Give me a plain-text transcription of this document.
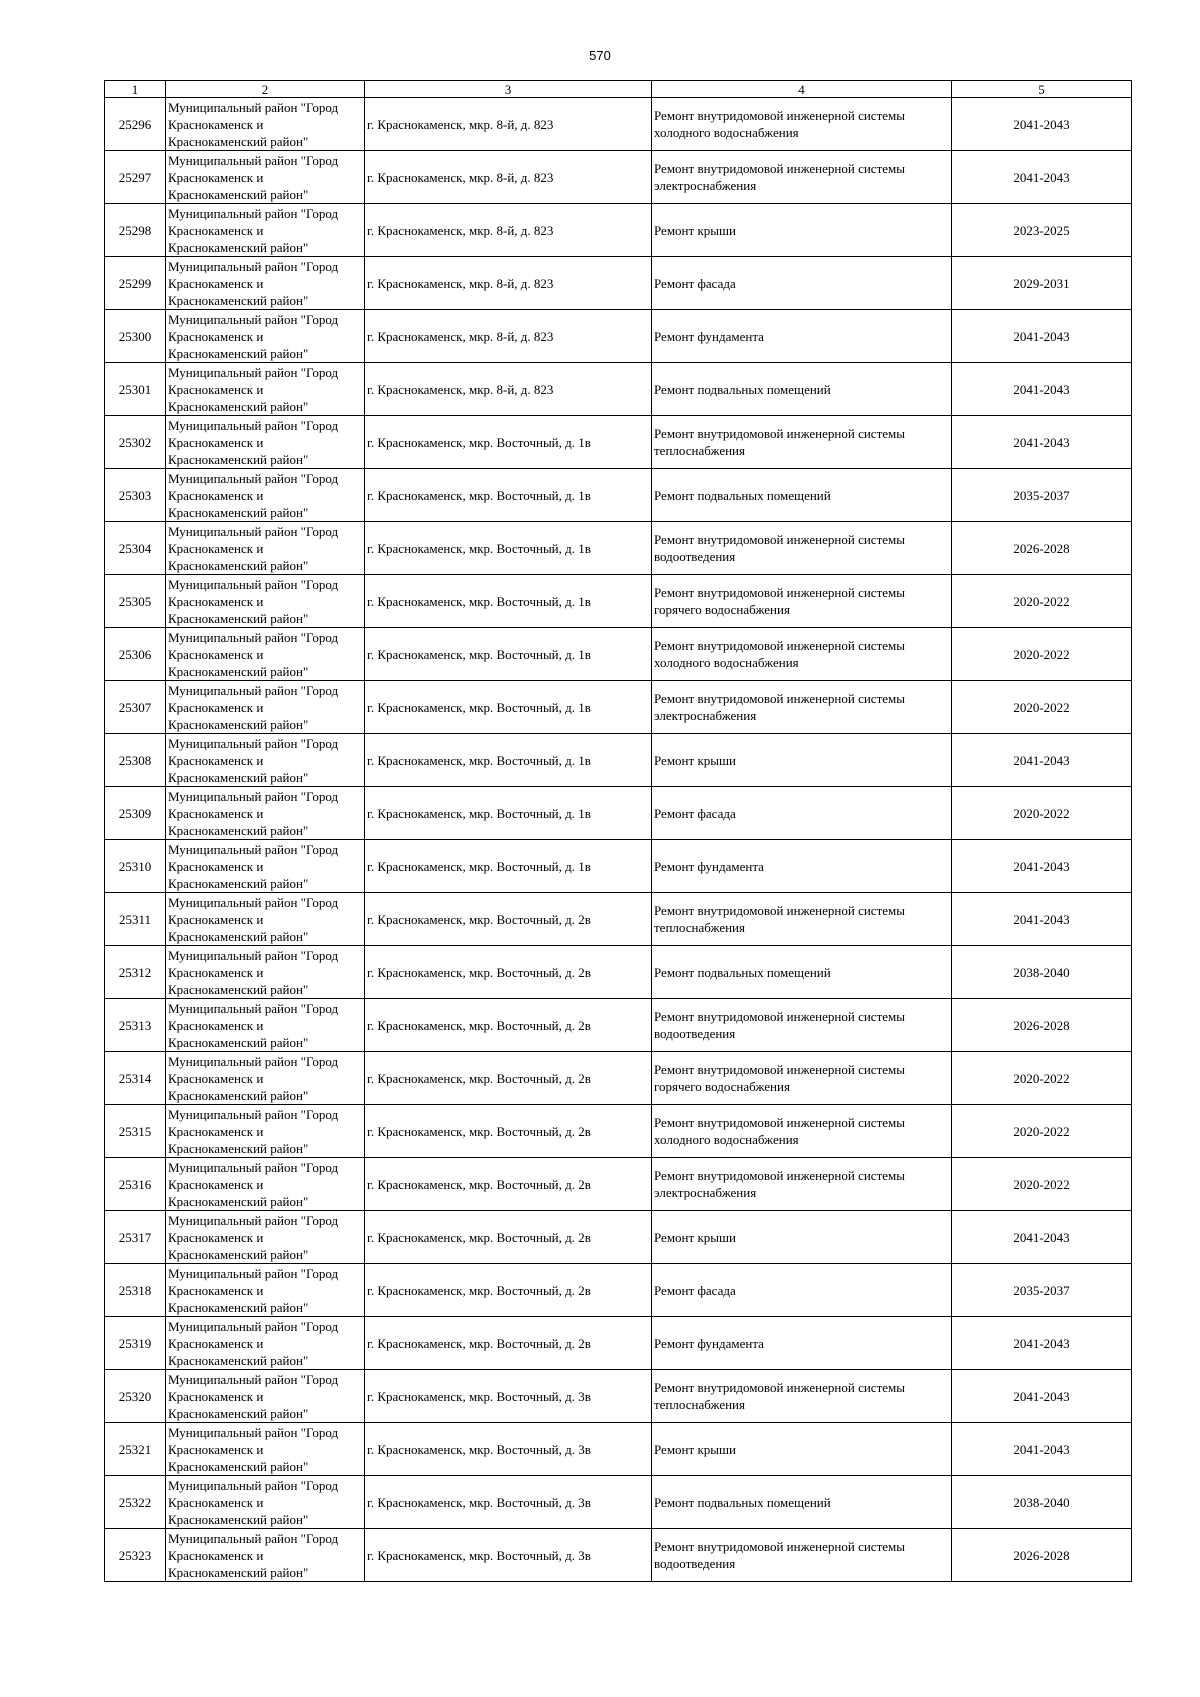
570
1	2	3	4	5
25296	Муниципальный район "Город Краснокаменск и Краснокаменский район"	г. Краснокаменск, мкр. 8-й, д. 823	Ремонт внутридомовой инженерной системы холодного водоснабжения	2041-2043
25297	Муниципальный район "Город Краснокаменск и Краснокаменский район"	г. Краснокаменск, мкр. 8-й, д. 823	Ремонт внутридомовой инженерной системы электроснабжения	2041-2043
25298	Муниципальный район "Город Краснокаменск и Краснокаменский район"	г. Краснокаменск, мкр. 8-й, д. 823	Ремонт крыши	2023-2025
25299	Муниципальный район "Город Краснокаменск и Краснокаменский район"	г. Краснокаменск, мкр. 8-й, д. 823	Ремонт фасада	2029-2031
25300	Муниципальный район "Город Краснокаменск и Краснокаменский район"	г. Краснокаменск, мкр. 8-й, д. 823	Ремонт фундамента	2041-2043
25301	Муниципальный район "Город Краснокаменск и Краснокаменский район"	г. Краснокаменск, мкр. 8-й, д. 823	Ремонт подвальных помещений	2041-2043
25302	Муниципальный район "Город Краснокаменск и Краснокаменский район"	г. Краснокаменск, мкр. Восточный, д. 1в	Ремонт внутридомовой инженерной системы теплоснабжения	2041-2043
25303	Муниципальный район "Город Краснокаменск и Краснокаменский район"	г. Краснокаменск, мкр. Восточный, д. 1в	Ремонт подвальных помещений	2035-2037
25304	Муниципальный район "Город Краснокаменск и Краснокаменский район"	г. Краснокаменск, мкр. Восточный, д. 1в	Ремонт внутридомовой инженерной системы водоотведения	2026-2028
25305	Муниципальный район "Город Краснокаменск и Краснокаменский район"	г. Краснокаменск, мкр. Восточный, д. 1в	Ремонт внутридомовой инженерной системы горячего водоснабжения	2020-2022
25306	Муниципальный район "Город Краснокаменск и Краснокаменский район"	г. Краснокаменск, мкр. Восточный, д. 1в	Ремонт внутридомовой инженерной системы холодного водоснабжения	2020-2022
25307	Муниципальный район "Город Краснокаменск и Краснокаменский район"	г. Краснокаменск, мкр. Восточный, д. 1в	Ремонт внутридомовой инженерной системы электроснабжения	2020-2022
25308	Муниципальный район "Город Краснокаменск и Краснокаменский район"	г. Краснокаменск, мкр. Восточный, д. 1в	Ремонт крыши	2041-2043
25309	Муниципальный район "Город Краснокаменск и Краснокаменский район"	г. Краснокаменск, мкр. Восточный, д. 1в	Ремонт фасада	2020-2022
25310	Муниципальный район "Город Краснокаменск и Краснокаменский район"	г. Краснокаменск, мкр. Восточный, д. 1в	Ремонт фундамента	2041-2043
25311	Муниципальный район "Город Краснокаменск и Краснокаменский район"	г. Краснокаменск, мкр. Восточный, д. 2в	Ремонт внутридомовой инженерной системы теплоснабжения	2041-2043
25312	Муниципальный район "Город Краснокаменск и Краснокаменский район"	г. Краснокаменск, мкр. Восточный, д. 2в	Ремонт подвальных помещений	2038-2040
25313	Муниципальный район "Город Краснокаменск и Краснокаменский район"	г. Краснокаменск, мкр. Восточный, д. 2в	Ремонт внутридомовой инженерной системы водоотведения	2026-2028
25314	Муниципальный район "Город Краснокаменск и Краснокаменский район"	г. Краснокаменск, мкр. Восточный, д. 2в	Ремонт внутридомовой инженерной системы горячего водоснабжения	2020-2022
25315	Муниципальный район "Город Краснокаменск и Краснокаменский район"	г. Краснокаменск, мкр. Восточный, д. 2в	Ремонт внутридомовой инженерной системы холодного водоснабжения	2020-2022
25316	Муниципальный район "Город Краснокаменск и Краснокаменский район"	г. Краснокаменск, мкр. Восточный, д. 2в	Ремонт внутридомовой инженерной системы электроснабжения	2020-2022
25317	Муниципальный район "Город Краснокаменск и Краснокаменский район"	г. Краснокаменск, мкр. Восточный, д. 2в	Ремонт крыши	2041-2043
25318	Муниципальный район "Город Краснокаменск и Краснокаменский район"	г. Краснокаменск, мкр. Восточный, д. 2в	Ремонт фасада	2035-2037
25319	Муниципальный район "Город Краснокаменск и Краснокаменский район"	г. Краснокаменск, мкр. Восточный, д. 2в	Ремонт фундамента	2041-2043
25320	Муниципальный район "Город Краснокаменск и Краснокаменский район"	г. Краснокаменск, мкр. Восточный, д. 3в	Ремонт внутридомовой инженерной системы теплоснабжения	2041-2043
25321	Муниципальный район "Город Краснокаменск и Краснокаменский район"	г. Краснокаменск, мкр. Восточный, д. 3в	Ремонт крыши	2041-2043
25322	Муниципальный район "Город Краснокаменск и Краснокаменский район"	г. Краснокаменск, мкр. Восточный, д. 3в	Ремонт подвальных помещений	2038-2040
25323	Муниципальный район "Город Краснокаменск и Краснокаменский район"	г. Краснокаменск, мкр. Восточный, д. 3в	Ремонт внутридомовой инженерной системы водоотведения	2026-2028
